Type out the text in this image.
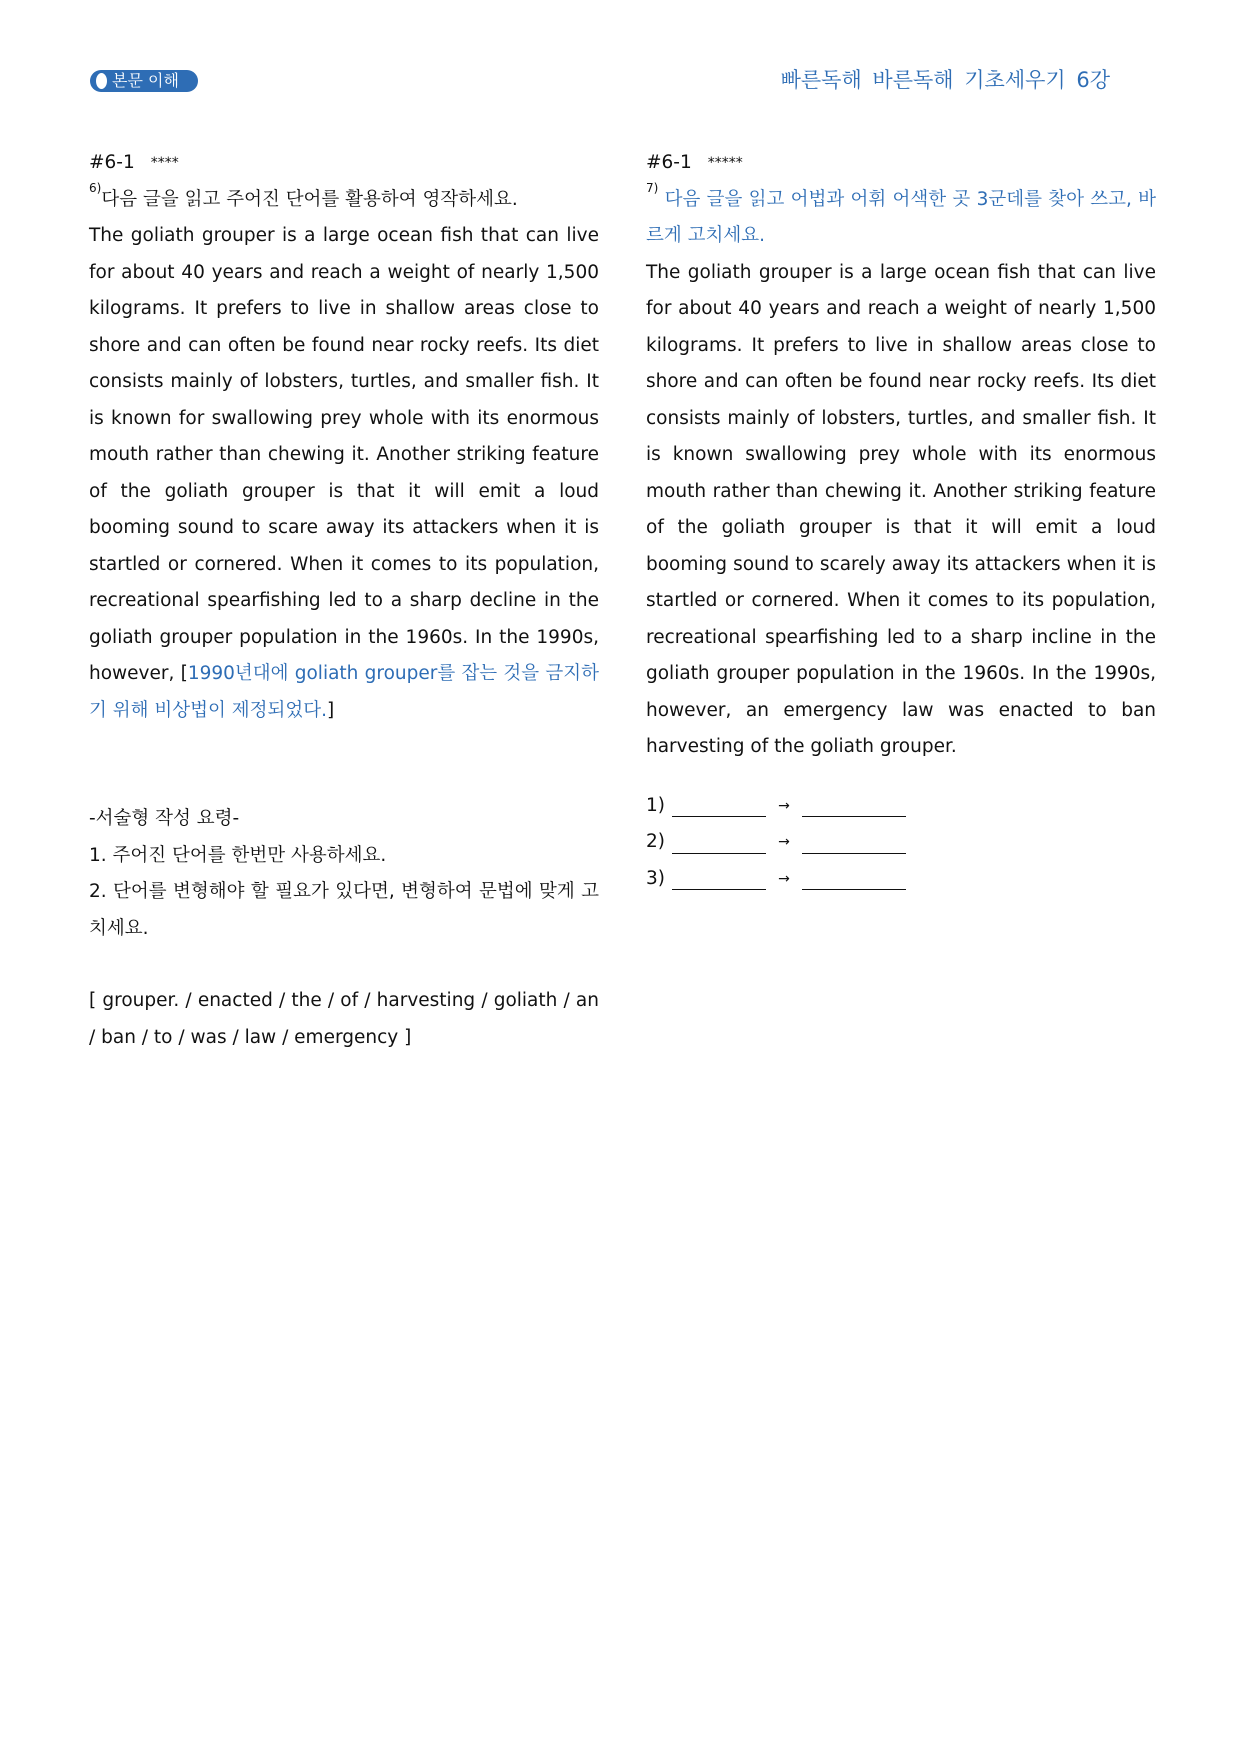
본문 이해	빠른독해 바른독해 기초세우기 6강

#6-1 ****

$^{6)}$다음 글을 읽고 주어진 단어를 활용하여 영작하세요.

The goliath grouper is a large ocean fish that can live for about 40 years and reach a weight of nearly 1,500 kilograms. It prefers to live in shallow areas close to shore and can often be found near rocky reefs. Its diet consists mainly of lobsters, turtles, and smaller fish. It is known for swallowing prey whole with its enormous mouth rather than chewing it. Another striking feature of the goliath grouper is that it will emit a loud booming sound to scare away its attackers when it is startled or cornered. When it comes to its population, recreational spearfishing led to a sharp decline in the goliath grouper population in the 1960s. In the 1990s, however, [1990년대에 goliath grouper를 잡는 것을 금지하기 위해 비상법이 제정되었다.]

-서술형 작성 요령-

1. 주어진 단어를 한번만 사용하세요.

2. 단어를 변형해야 할 필요가 있다면, 변형하여 문법에 맞게 고치세요.

[ grouper. / enacted / the / of / harvesting / goliath / an / ban / to / was / law / emergency ]

#6-1 *****

$^{7)}$ 다음 글을 읽고 어법과 어휘 어색한 곳 3군데를 찾아 쓰고, 바르게 고치세요.

The goliath grouper is a large ocean fish that can live for about 40 years and reach a weight of nearly 1,500 kilograms. It prefers to live in shallow areas close to shore and can often be found near rocky reefs. Its diet consists mainly of lobsters, turtles, and smaller fish. It is known swallowing prey whole with its enormous mouth rather than chewing it. Another striking feature of the goliath grouper is that it will emit a loud booming sound to scarely away its attackers when it is startled or cornered. When it comes to its population, recreational spearfishing led to a sharp incline in the goliath grouper population in the 1960s. In the 1990s, however, an emergency law was enacted to ban harvesting of the goliath grouper.

1)	→
2)	→
3)	→
